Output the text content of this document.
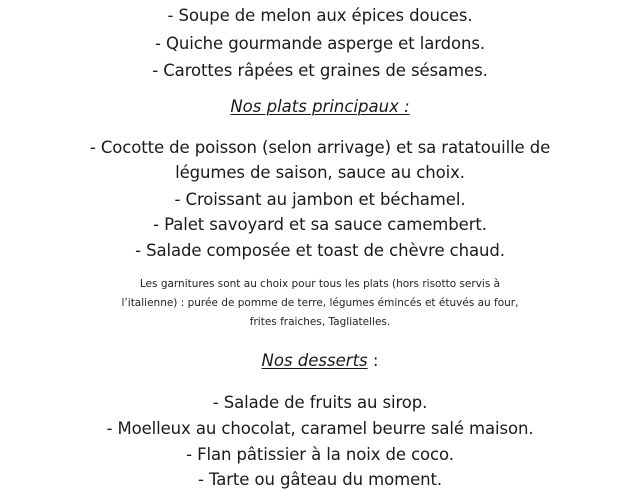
- Soupe de melon aux épices douces.
- Quiche gourmande asperge et lardons.
- Carottes râpées et graines de sésames.
Nos plats principaux :
- Cocotte de poisson (selon arrivage) et sa ratatouille de
légumes de saison, sauce au choix.
- Croissant au jambon et béchamel.
- Palet savoyard et sa sauce camembert.
- Salade composée et toast de chèvre chaud.
Les garnitures sont au choix pour tous les plats (hors risotto servis à
l’italienne) : purée de pomme de terre, légumes émincés et étuvés au four,
frites fraiches, Tagliatelles.
Nos desserts :
- Salade de fruits au sirop.
- Moelleux au chocolat, caramel beurre salé maison.
- Flan pâtissier à la noix de coco.
- Tarte ou gâteau du moment.
